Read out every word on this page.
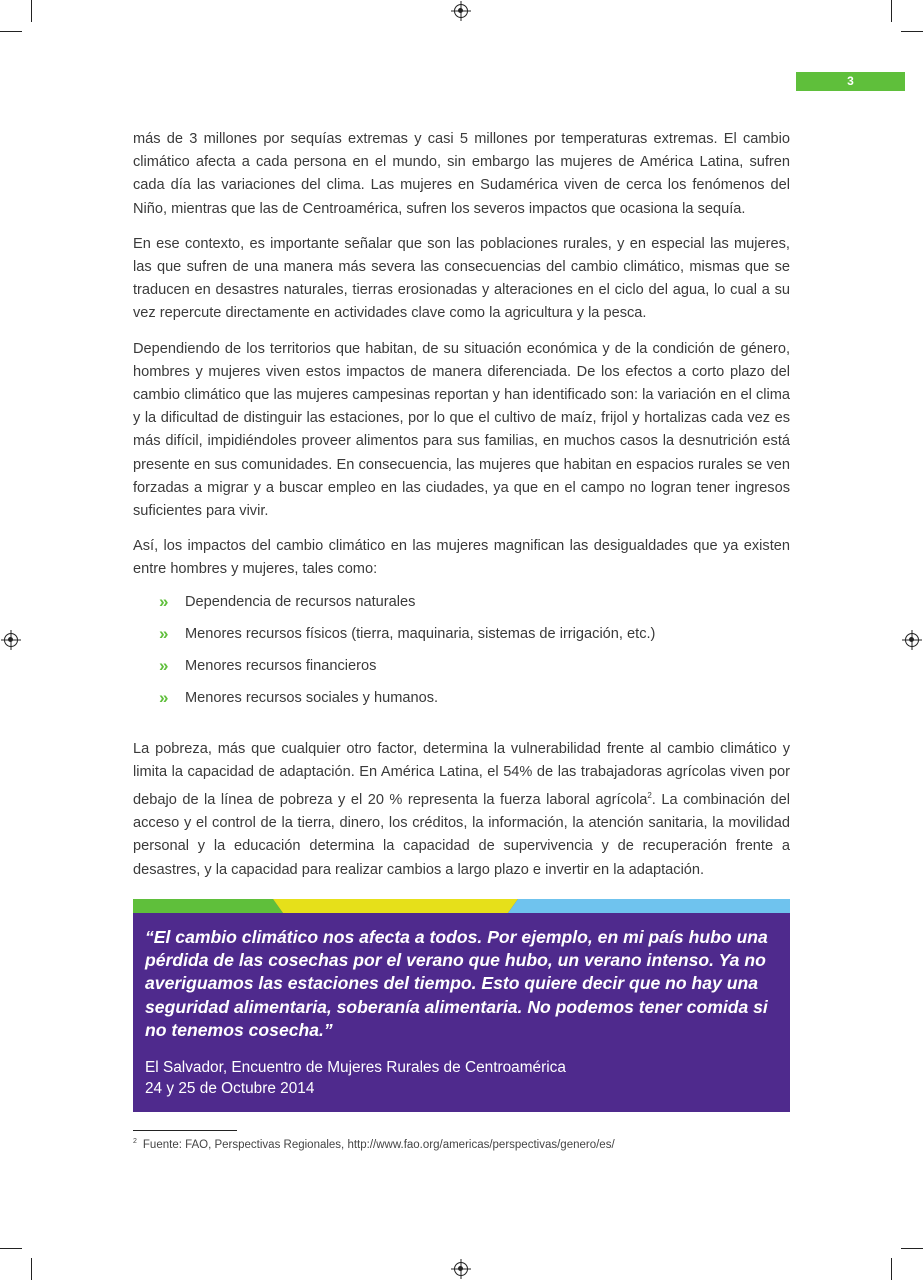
3

más de 3 millones por sequías extremas y casi 5 millones por temperaturas extremas. El cambio climático afecta a cada persona en el mundo, sin embargo las mujeres de América Latina, sufren cada día las variaciones del clima. Las mujeres en Sudamérica viven de cerca los fenómenos del Niño, mientras que las de Centroamérica, sufren los severos impactos que ocasiona la sequía.

En ese contexto, es importante señalar que son las poblaciones rurales, y en especial las mujeres, las que sufren de una manera más severa las consecuencias del cambio climático, mismas que se traducen en desastres naturales, tierras erosionadas y alteraciones en el ciclo del agua, lo cual a su vez repercute directamente en actividades clave como la agricultura y la pesca.

Dependiendo de los territorios que habitan, de su situación económica y de la condición de género, hombres y mujeres viven estos impactos de manera diferenciada. De los efectos a corto plazo del cambio climático que las mujeres campesinas reportan y han identificado son: la variación en el clima y la dificultad de distinguir las estaciones, por lo que el cultivo de maíz, frijol y hortalizas cada vez es más difícil, impidiéndoles proveer alimentos para sus familias, en muchos casos la desnutrición está presente en sus comunidades. En consecuencia, las mujeres que habitan en espacios rurales se ven forzadas a migrar y a buscar empleo en las ciudades, ya que en el campo no logran tener ingresos suficientes para vivir.

Así, los impactos del cambio climático en las mujeres magnifican las desigualdades que ya existen entre hombres y mujeres, tales como:

» Dependencia de recursos naturales
» Menores recursos físicos (tierra, maquinaria, sistemas de irrigación, etc.)
» Menores recursos financieros
» Menores recursos sociales y humanos.

La pobreza, más que cualquier otro factor, determina la vulnerabilidad frente al cambio climático y limita la capacidad de adaptación. En América Latina, el 54% de las trabajadoras agrícolas viven por debajo de la línea de pobreza y el 20 % representa la fuerza laboral agrícola$^2$. La combinación del acceso y el control de la tierra, dinero, los créditos, la información, la atención sanitaria, la movilidad personal y la educación determina la capacidad de supervivencia y de recuperación frente a desastres, y la capacidad para realizar cambios a largo plazo e invertir en la adaptación.

“El cambio climático nos afecta a todos. Por ejemplo, en mi país hubo una pérdida de las cosechas por el verano que hubo, un verano intenso. Ya no averiguamos las estaciones del tiempo. Esto quiere decir que no hay una seguridad alimentaria, soberanía alimentaria. No podemos tener comida si no tenemos cosecha.”
El Salvador, Encuentro de Mujeres Rurales de Centroamérica
24 y 25 de Octubre 2014
$^2$ Fuente: FAO, Perspectivas Regionales, http://www.fao.org/americas/perspectivas/genero/es/
